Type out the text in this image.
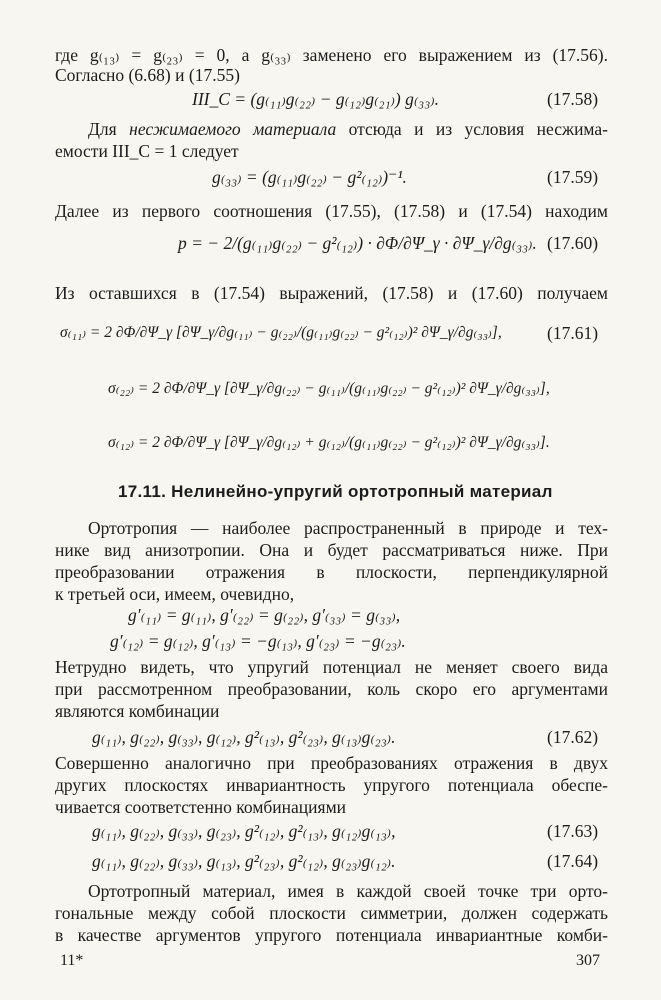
где g₍₁₃₎ = g₍₂₃₎ = 0, а g₍₃₃₎ заменено его выражением из (17.56).
Согласно (6.68) и (17.55)
III_C = (g₍₁₁₎g₍₂₂₎ − g₍₁₂₎g₍₂₁₎) g₍₃₃₎.	(17.58)
Для несжимаемого материала отсюда и из условия несжима-
емости III_C = 1 следует
g₍₃₃₎ = (g₍₁₁₎g₍₂₂₎ − g²₍₁₂₎)⁻¹.	(17.59)
Далее из первого соотношения (17.55), (17.58) и (17.54) находим
p = − 2/(g₍₁₁₎g₍₂₂₎ − g²₍₁₂₎) · ∂Φ/∂Ψ_γ · ∂Ψ_γ/∂g₍₃₃₎. (17.60)
Из оставшихся в (17.54) выражений, (17.58) и (17.60) получаем
σ₍₁₁₎ = 2 ∂Φ/∂Ψ_γ [∂Ψ_γ/∂g₍₁₁₎ − g₍₂₂₎/(g₍₁₁₎g₍₂₂₎ − g²₍₁₂₎)² ∂Ψ_γ/∂g₍₃₃₎],	(17.61)
σ₍₂₂₎ = 2 ∂Φ/∂Ψ_γ [∂Ψ_γ/∂g₍₂₂₎ − g₍₁₁₎/(g₍₁₁₎g₍₂₂₎ − g²₍₁₂₎)² ∂Ψ_γ/∂g₍₃₃₎],
σ₍₁₂₎ = 2 ∂Φ/∂Ψ_γ [∂Ψ_γ/∂g₍₁₂₎ + g₍₁₂₎/(g₍₁₁₎g₍₂₂₎ − g²₍₁₂₎)² ∂Ψ_γ/∂g₍₃₃₎].
17.11. Нелинейно-упругий ортотропный материал
Ортотропия — наиболее распространенный в природе и тех-
нике вид анизотропии. Она и будет рассматриваться ниже. При
преобразовании отражения в плоскости, перпендикулярной
к третьей оси, имеем, очевидно,
g′₍₁₁₎ = g₍₁₁₎, g′₍₂₂₎ = g₍₂₂₎, g′₍₃₃₎ = g₍₃₃₎,
g′₍₁₂₎ = g₍₁₂₎, g′₍₁₃₎ = −g₍₁₃₎, g′₍₂₃₎ = −g₍₂₃₎.
Нетрудно видеть, что упругий потенциал не меняет своего вида
при рассмотренном преобразовании, коль скоро его аргументами
являются комбинации
g₍₁₁₎, g₍₂₂₎, g₍₃₃₎, g₍₁₂₎, g²₍₁₃₎, g²₍₂₃₎, g₍₁₃₎g₍₂₃₎.	(17.62)
Совершенно аналогично при преобразованиях отражения в двух
других плоскостях инвариантность упругого потенциала обеспе-
чивается соответстенно комбинациями
g₍₁₁₎, g₍₂₂₎, g₍₃₃₎, g₍₂₃₎, g²₍₁₂₎, g²₍₁₃₎, g₍₁₂₎g₍₁₃₎,	(17.63)
g₍₁₁₎, g₍₂₂₎, g₍₃₃₎, g₍₁₃₎, g²₍₂₃₎, g²₍₁₂₎, g₍₂₃₎g₍₁₂₎.	(17.64)
Ортотропный материал, имея в каждой своей точке три орто-
гональные между собой плоскости симметрии, должен содержать
в качестве аргументов упругого потенциала инвариантные комби-
11*	307
